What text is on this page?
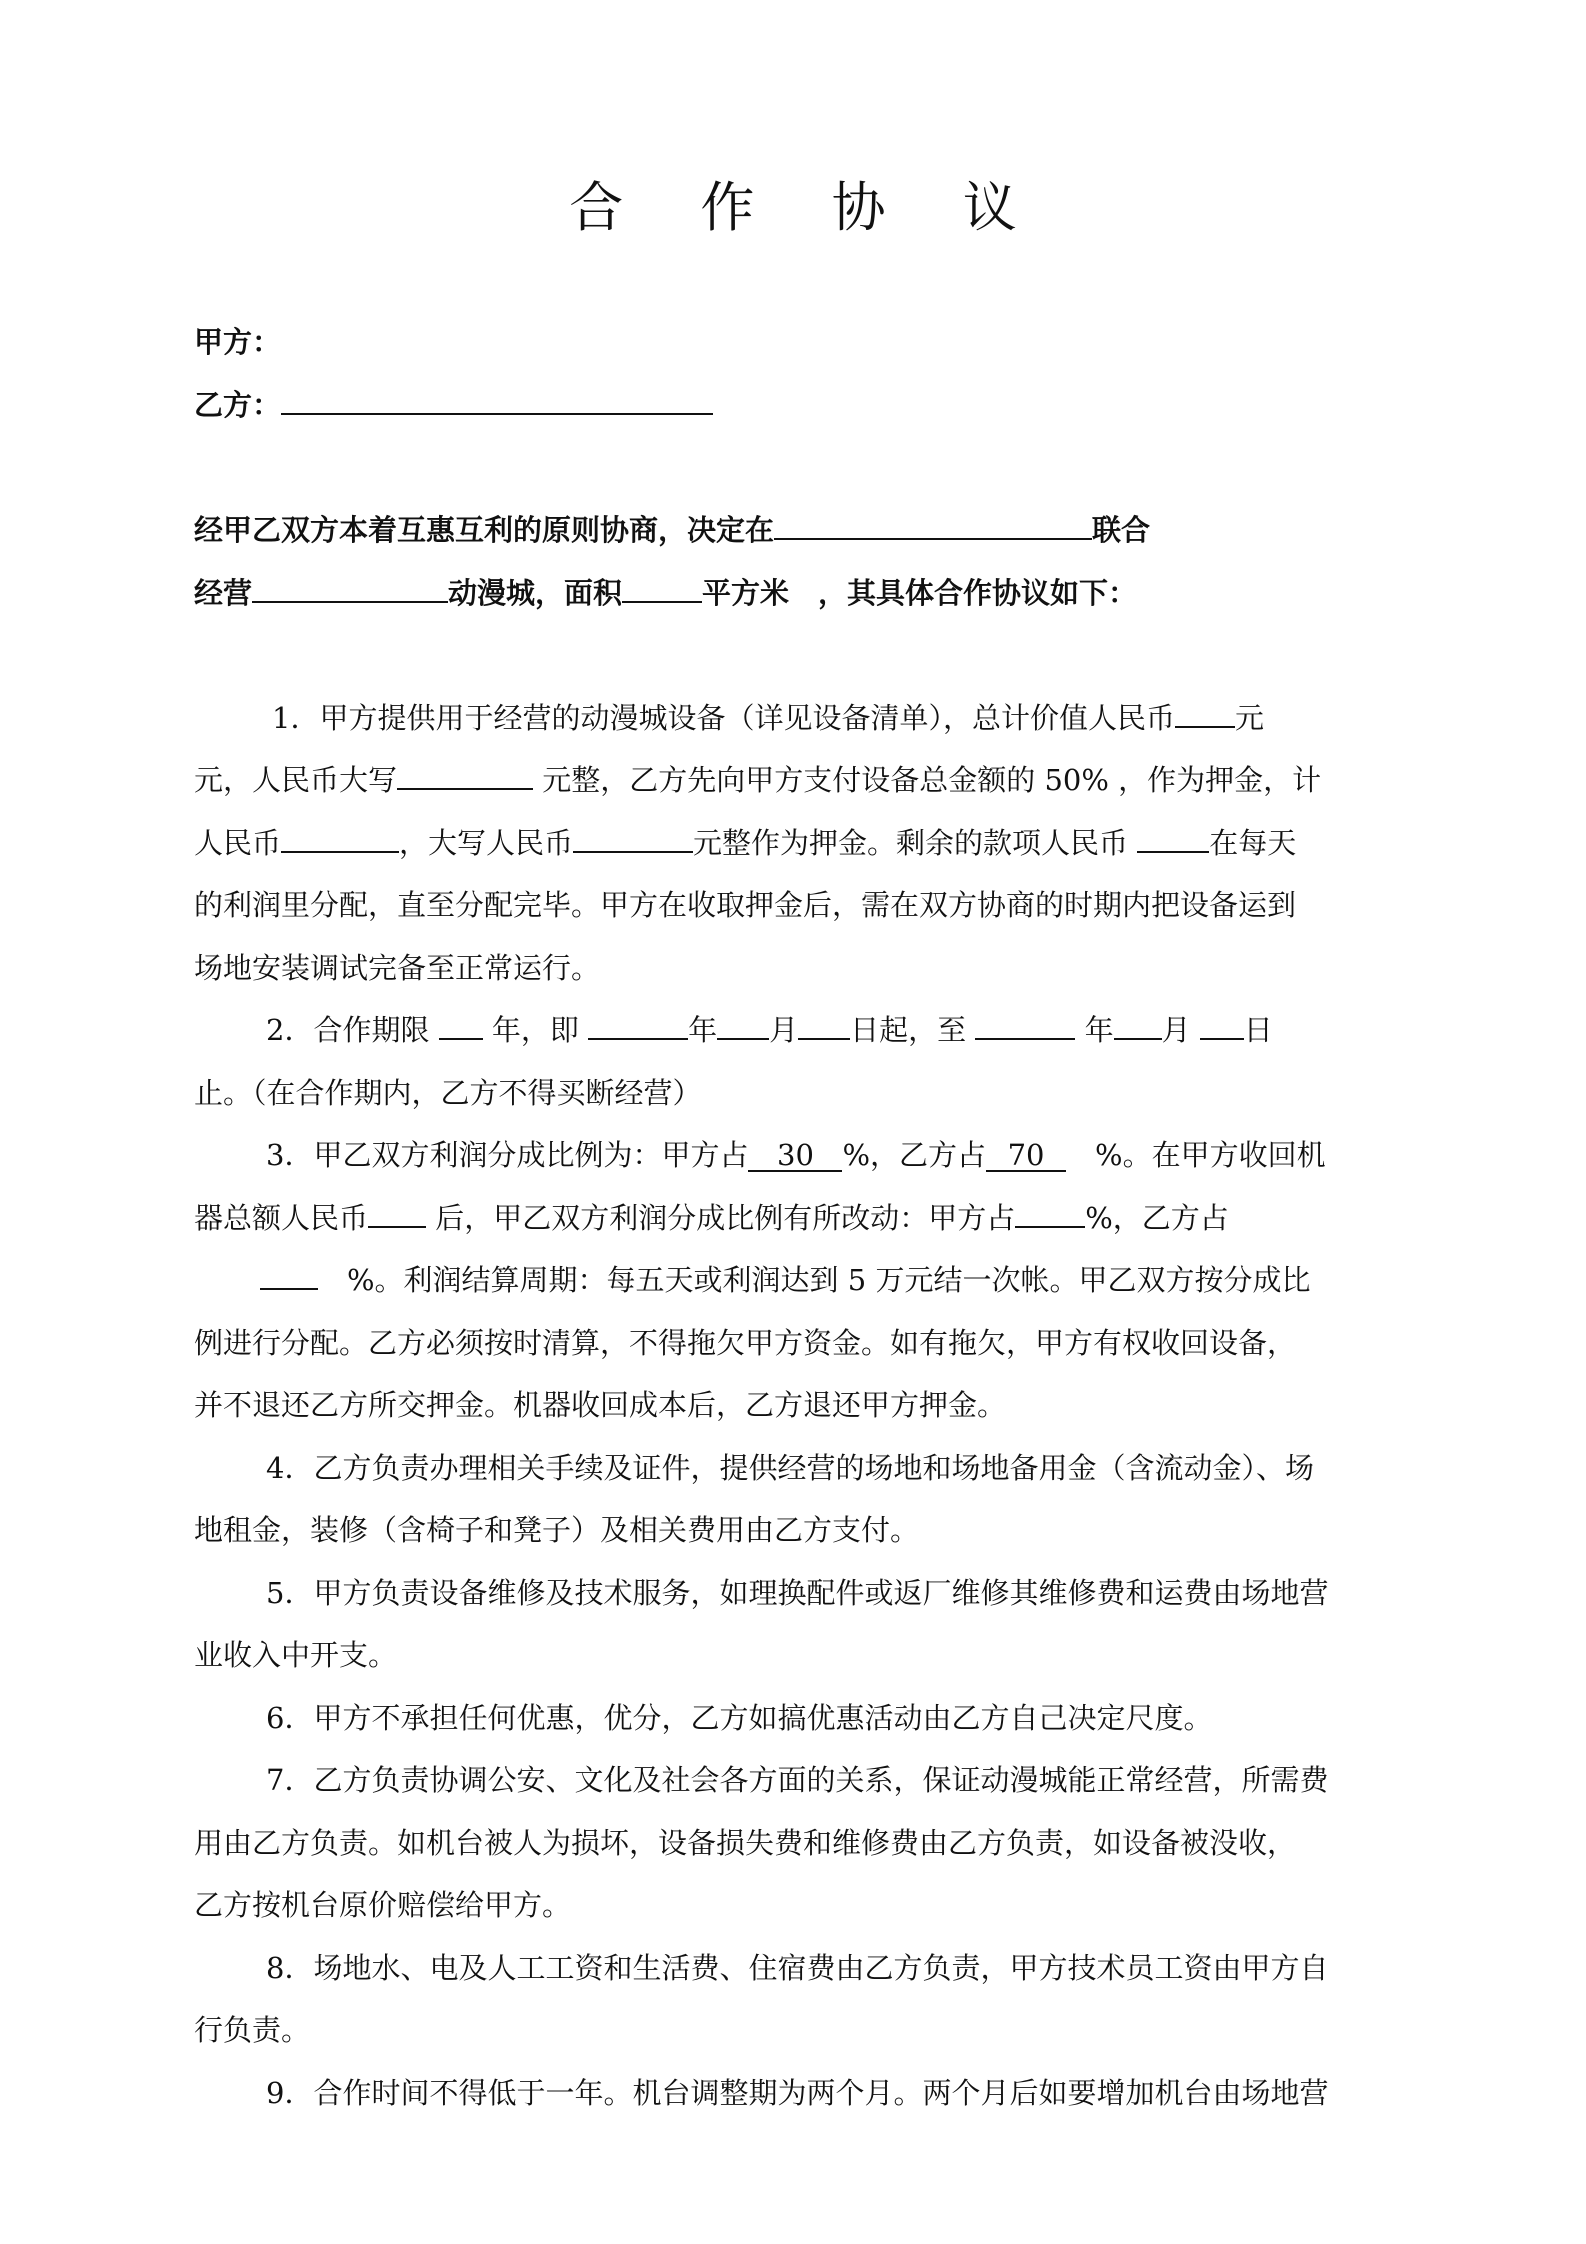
合 作 协 议
甲方：
乙方：
经甲乙双方本着互惠互利的原则协商，决定在	联合
经营	动漫城，面积	平方米　，其具体合作协议如下：
1．甲方提供用于经营的动漫城设备（详见设备清单），总计价值人民币 元
元，人民币大写	元整，乙方先向甲方支付设备总金额的 50% ，作为押金，计
人民币	，大写人民币	元整作为押金。剩余的款项人民币 在每天
的利润里分配，直至分配完毕。甲方在收取押金后，需在双方协商的时期内把设备运到
场地安装调试完备至正常运行。
2．合作期限  年，即	年 月 日起，至	年 月 日
止。（在合作期内，乙方不得买断经营）
3．甲乙双方利润分成比例为：甲方占 30 %，乙方占 70　%。在甲方收回机
器总额人民币 后，甲乙双方利润分成比例有所改动：甲方占 %，乙方占
　%。利润结算周期：每五天或利润达到 5 万元结一次帐。甲乙双方按分成比
例进行分配。乙方必须按时清算，不得拖欠甲方资金。如有拖欠，甲方有权收回设备，
并不退还乙方所交押金。机器收回成本后，乙方退还甲方押金。
4．乙方负责办理相关手续及证件，提供经营的场地和场地备用金（含流动金）、场
地租金，装修（含椅子和凳子）及相关费用由乙方支付。
5．甲方负责设备维修及技术服务，如理换配件或返厂维修其维修费和运费由场地营
业收入中开支。
6．甲方不承担任何优惠，优分，乙方如搞优惠活动由乙方自己决定尺度。
7．乙方负责协调公安、文化及社会各方面的关系，保证动漫城能正常经营，所需费
用由乙方负责。如机台被人为损坏，设备损失费和维修费由乙方负责，如设备被没收，
乙方按机台原价赔偿给甲方。
8．场地水、电及人工工资和生活费、住宿费由乙方负责，甲方技术员工资由甲方自
行负责。
9．合作时间不得低于一年。机台调整期为两个月。两个月后如要增加机台由场地营
